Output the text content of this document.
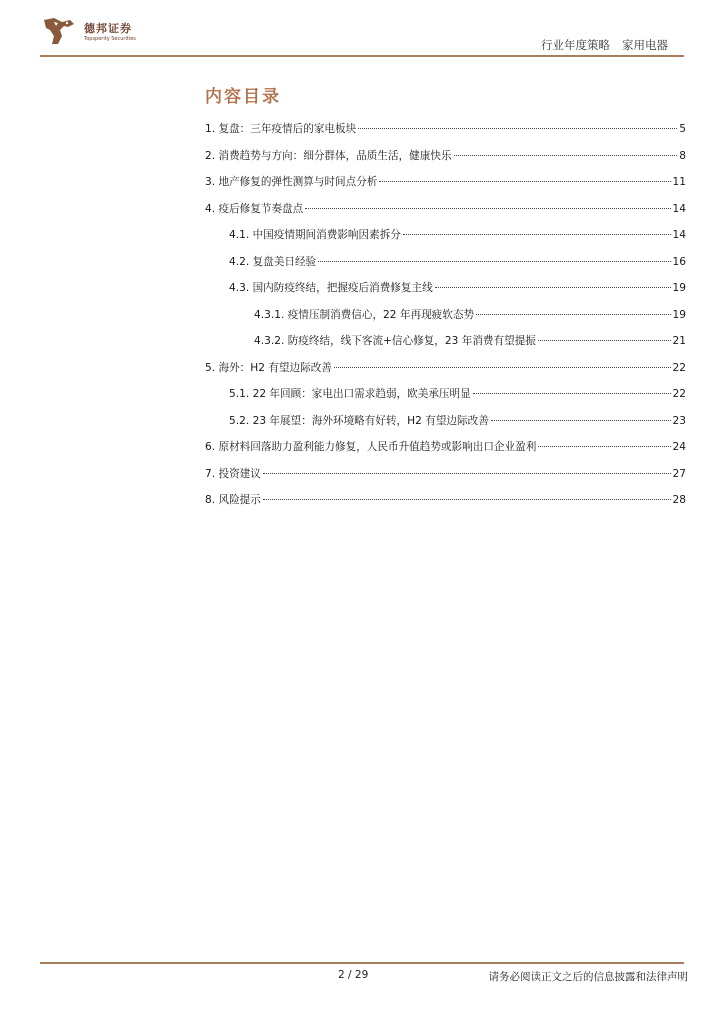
德邦证券
Topsperity Securities	行业年度策略 家用电器
内容目录
1. 复盘：三年疫情后的家电板块	5
2. 消费趋势与方向：细分群体，品质生活，健康快乐	8
3. 地产修复的弹性测算与时间点分析	11
4. 疫后修复节奏盘点	14
4.1. 中国疫情期间消费影响因素拆分	14
4.2. 复盘美日经验	16
4.3. 国内防疫终结，把握疫后消费修复主线	19
4.3.1. 疫情压制消费信心，22 年再现疲软态势	19
4.3.2. 防疫终结，线下客流+信心修复，23 年消费有望提振	21
5. 海外：H2 有望边际改善	22
5.1. 22 年回顾：家电出口需求趋弱，欧美承压明显	22
5.2. 23 年展望：海外环境略有好转，H2 有望边际改善	23
6. 原材料回落助力盈利能力修复，人民币升值趋势或影响出口企业盈利	24
7. 投资建议	27
8. 风险提示	28
2 / 29	请务必阅读正文之后的信息披露和法律声明
